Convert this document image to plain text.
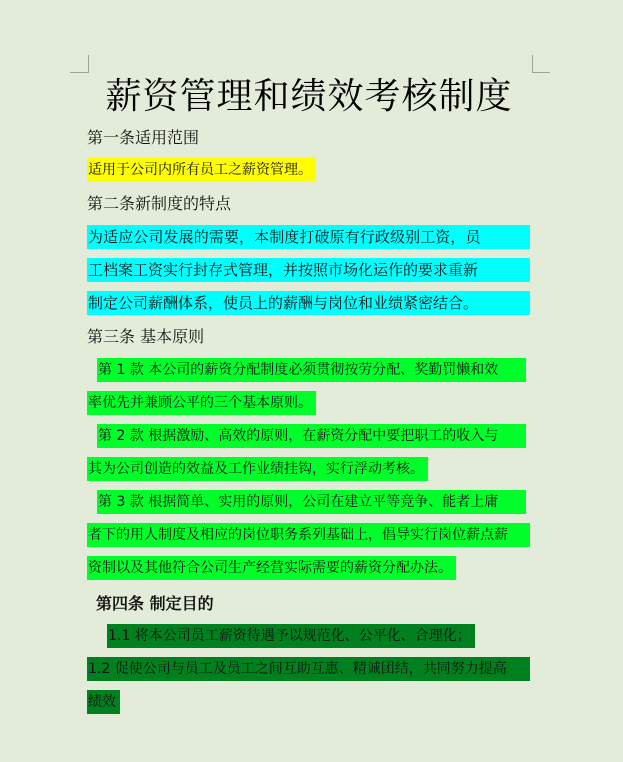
薪资管理和绩效考核制度
第一条适用范围
适用于公司内所有员工之薪资管理。
第二条新制度的特点
为适应公司发展的需要，本制度打破原有行政级别工资，员
工档案工资实行封存式管理，并按照市场化运作的要求重新
制定公司薪酬体系，使员上的薪酬与岗位和业绩紧密结合。
第三条 基本原则
第 1 款 本公司的薪资分配制度必须贯彻按劳分配、奖勤罚懒和效
率优先并兼顾公平的三个基本原则。
第 2 款 根据激励、高效的原则，在薪资分配中要把职工的收入与
其为公司创造的效益及工作业绩挂钩，实行浮动考核。
第 3 款 根据简单、实用的原则，公司在建立平等竞争、能者上庸
者下的用人制度及相应的岗位职务系列基础上，倡导实行岗位薪点薪
资制以及其他符合公司生产经营实际需要的薪资分配办法。
第四条 制定目的
1.1 将本公司员工薪资待遇予以规范化、公平化、合理化；
1.2 促使公司与员工及员工之间互助互惠、精诚团结，共同努力提高
绩效
